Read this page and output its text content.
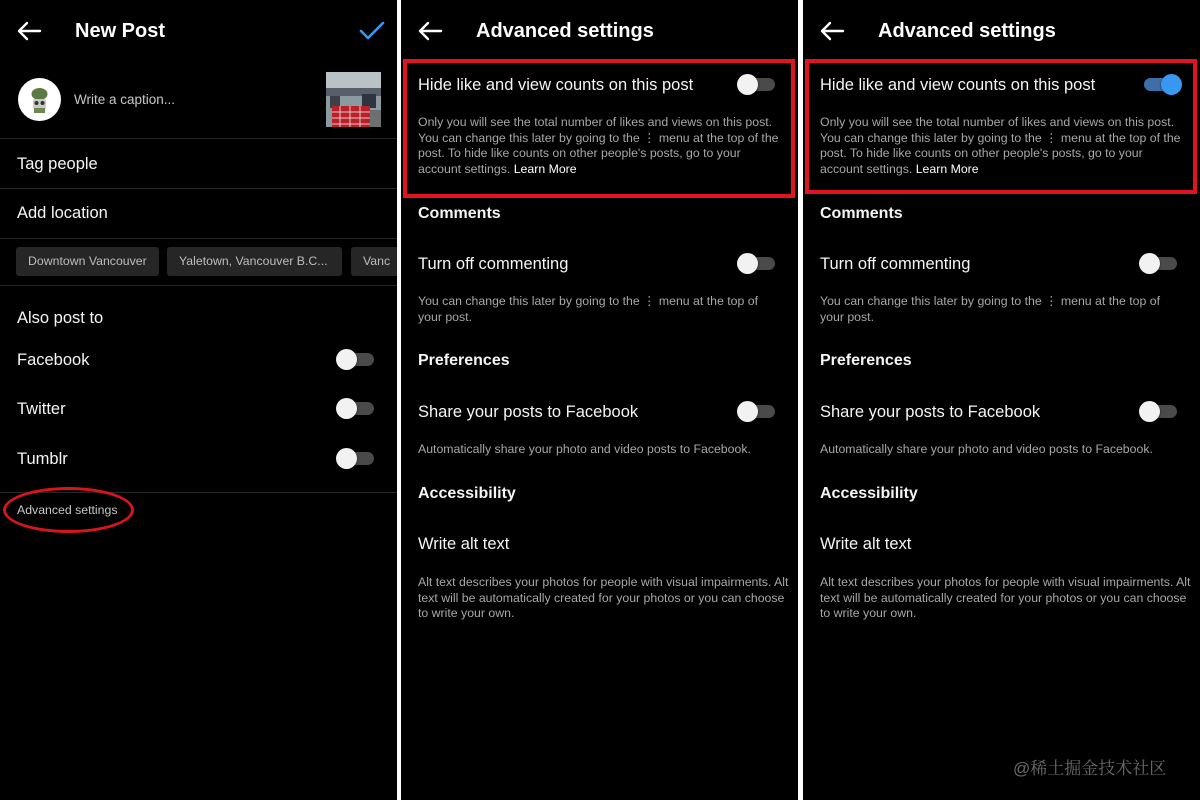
New Post
Write a caption...
Tag people
Add location
Downtown Vancouver	Yaletown, Vancouver B.C...	Vanc
Also post to
Facebook
Twitter
Tumblr
Advanced settings
Advanced settings
Hide like and view counts on this post
Only you will see the total number of likes and views on this post. You can change this later by going to the ⋮ menu at the top of the post. To hide like counts on other people's posts, go to your account settings. Learn More
Comments
Turn off commenting
You can change this later by going to the ⋮ menu at the top of your post.
Preferences
Share your posts to Facebook
Automatically share your photo and video posts to Facebook.
Accessibility
Write alt text
Alt text describes your photos for people with visual impairments. Alt text will be automatically created for your photos or you can choose to write your own.
Advanced settings
Hide like and view counts on this post
Only you will see the total number of likes and views on this post. You can change this later by going to the ⋮ menu at the top of the post. To hide like counts on other people's posts, go to your account settings. Learn More
Comments
Turn off commenting
You can change this later by going to the ⋮ menu at the top of your post.
Preferences
Share your posts to Facebook
Automatically share your photo and video posts to Facebook.
Accessibility
Write alt text
Alt text describes your photos for people with visual impairments. Alt text will be automatically created for your photos or you can choose to write your own.
@稀土掘金技术社区
